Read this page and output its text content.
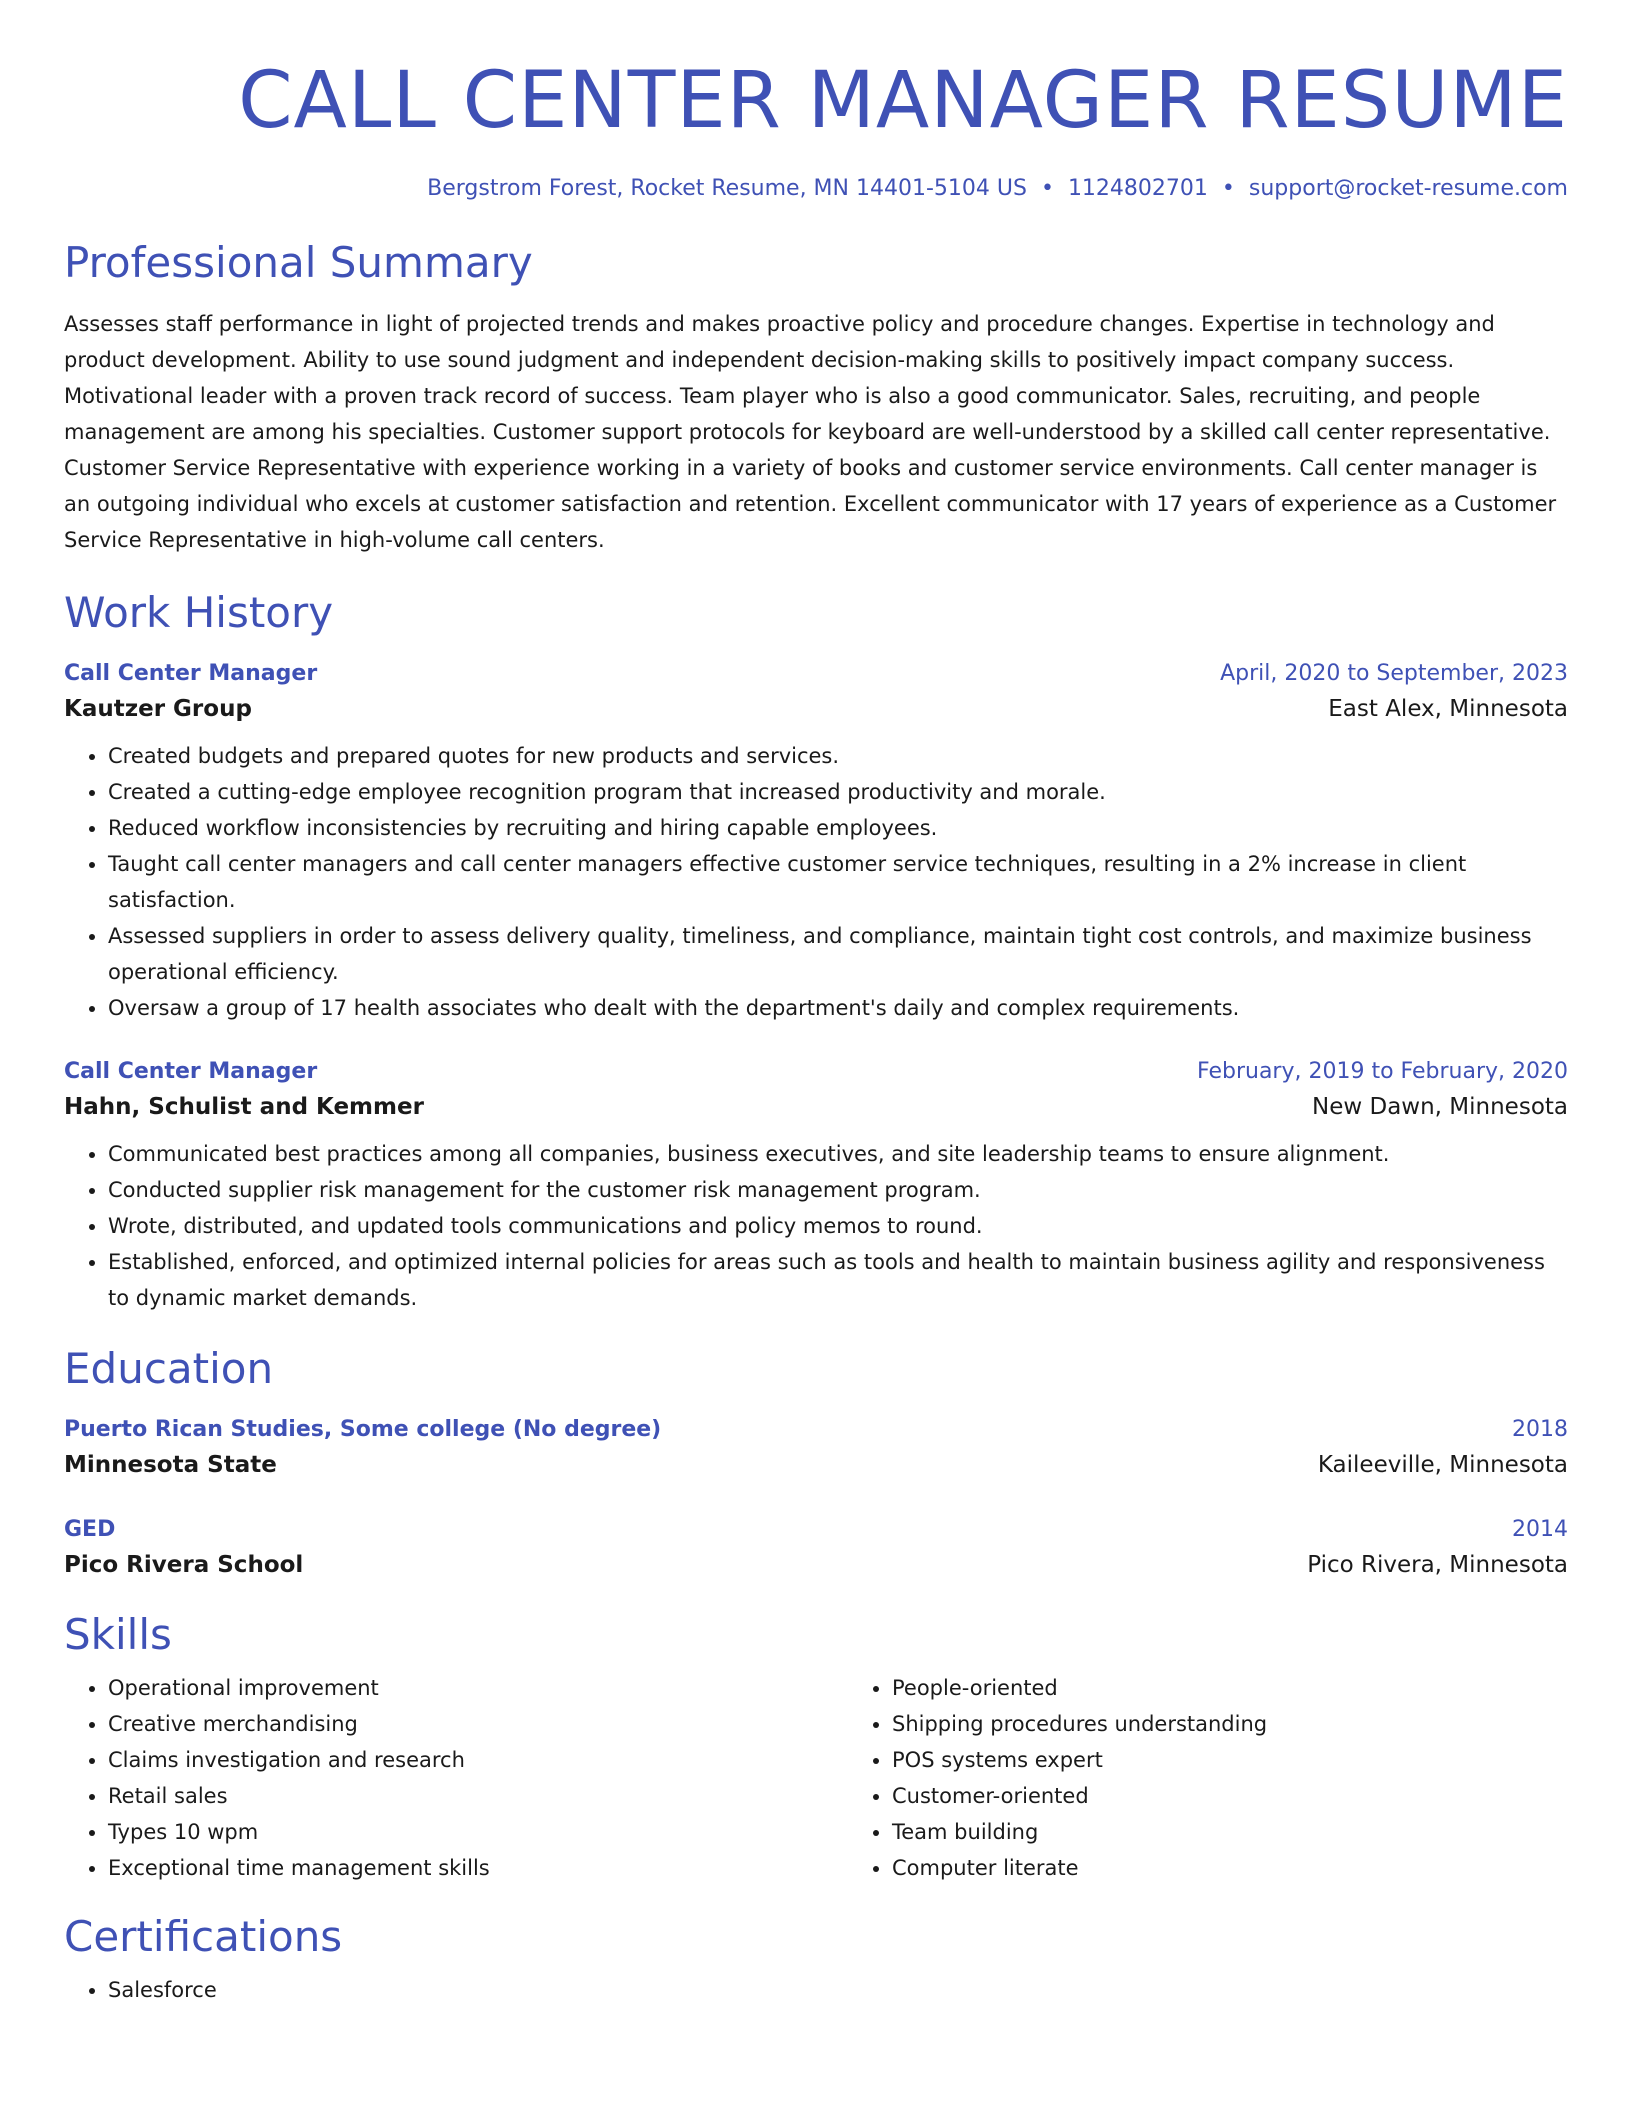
CALL CENTER MANAGER RESUME
Bergstrom Forest, Rocket Resume, MN 14401-5104 US • 1124802701 • support@rocket-resume.com
Professional Summary
Assesses staff performance in light of projected trends and makes proactive policy and procedure changes. Expertise in technology and product development. Ability to use sound judgment and independent decision-making skills to positively impact company success. Motivational leader with a proven track record of success. Team player who is also a good communicator. Sales, recruiting, and people management are among his specialties. Customer support protocols for keyboard are well-understood by a skilled call center representative. Customer Service Representative with experience working in a variety of books and customer service environments. Call center manager is an outgoing individual who excels at customer satisfaction and retention. Excellent communicator with 17 years of experience as a Customer Service Representative in high-volume call centers.
Work History
Call Center Manager	April, 2020 to September, 2023
Kautzer Group	East Alex, Minnesota
• Created budgets and prepared quotes for new products and services.
• Created a cutting-edge employee recognition program that increased productivity and morale.
• Reduced workflow inconsistencies by recruiting and hiring capable employees.
• Taught call center managers and call center managers effective customer service techniques, resulting in a 2% increase in client satisfaction.
• Assessed suppliers in order to assess delivery quality, timeliness, and compliance, maintain tight cost controls, and maximize business operational efficiency.
• Oversaw a group of 17 health associates who dealt with the department's daily and complex requirements.
Call Center Manager	February, 2019 to February, 2020
Hahn, Schulist and Kemmer	New Dawn, Minnesota
• Communicated best practices among all companies, business executives, and site leadership teams to ensure alignment.
• Conducted supplier risk management for the customer risk management program.
• Wrote, distributed, and updated tools communications and policy memos to round.
• Established, enforced, and optimized internal policies for areas such as tools and health to maintain business agility and responsiveness to dynamic market demands.
Education
Puerto Rican Studies, Some college (No degree)	2018
Minnesota State	Kaileeville, Minnesota
GED	2014
Pico Rivera School	Pico Rivera, Minnesota
Skills
• Operational improvement
• Creative merchandising
• Claims investigation and research
• Retail sales
• Types 10 wpm
• Exceptional time management skills
• People-oriented
• Shipping procedures understanding
• POS systems expert
• Customer-oriented
• Team building
• Computer literate
Certifications
• Salesforce
